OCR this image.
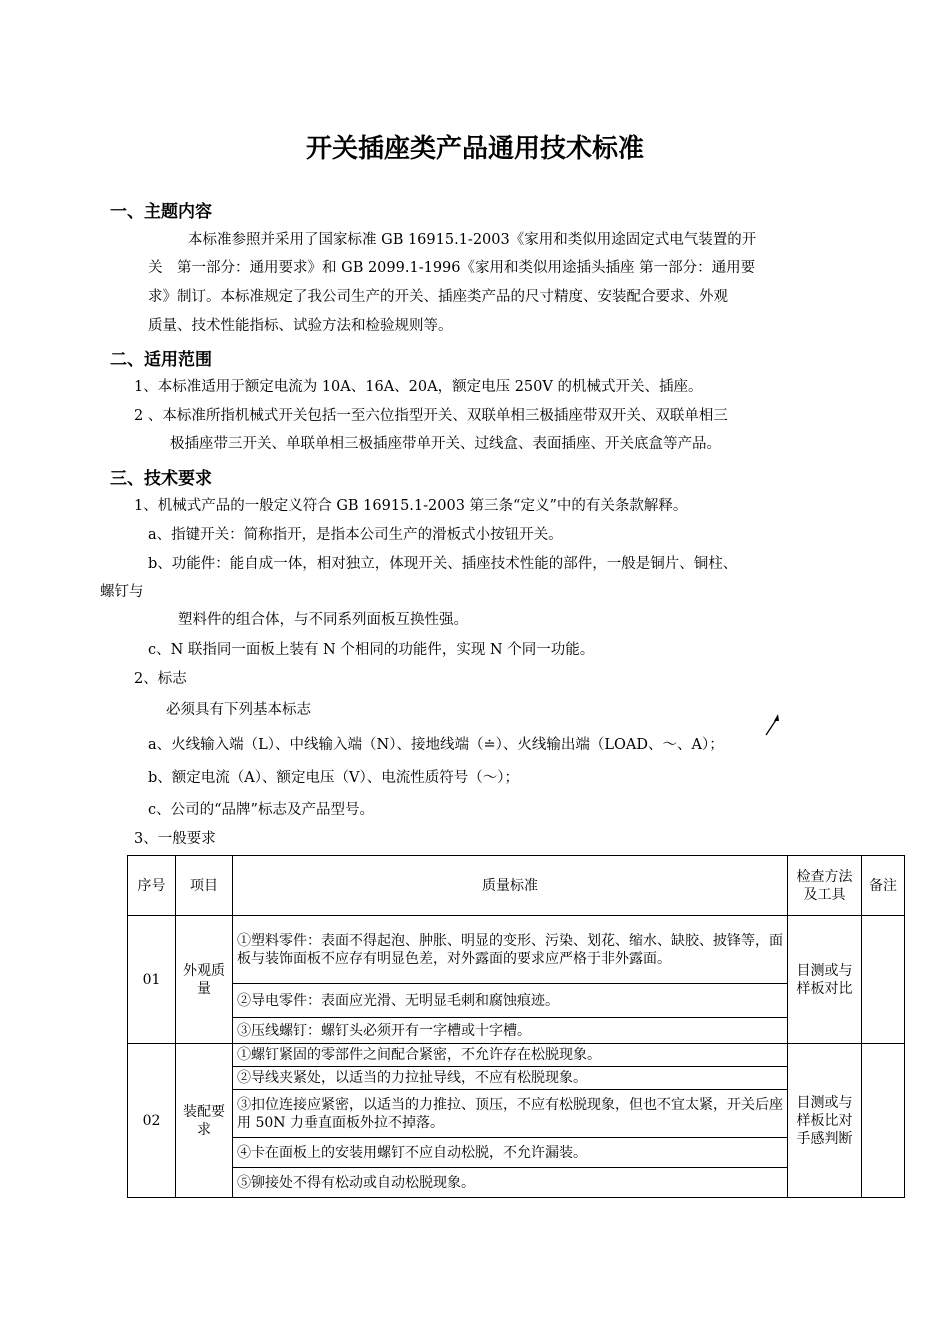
开关插座类产品通用技术标准
一、主题内容
本标准参照并采用了国家标准 GB 16915.1-2003《家用和类似用途固定式电气装置的开
关　第一部分：通用要求》和 GB 2099.1-1996《家用和类似用途插头插座 第一部分：通用要
求》制订。本标准规定了我公司生产的开关、插座类产品的尺寸精度、安装配合要求、外观
质量、技术性能指标、试验方法和检验规则等。
二、适用范围
1、本标准适用于额定电流为 10A、16A、20A，额定电压 250V 的机械式开关、插座。
2 、本标准所指机械式开关包括一至六位指型开关、双联单相三极插座带双开关、双联单相三
极插座带三开关、单联单相三极插座带单开关、过线盒、表面插座、开关底盒等产品。
三、技术要求
1、机械式产品的一般定义符合 GB 16915.1-2003 第三条“定义”中的有关条款解释。
a、指键开关：简称指开，是指本公司生产的滑板式小按钮开关。
b、功能件：能自成一体，相对独立，体现开关、插座技术性能的部件，一般是铜片、铜柱、
螺钉与
塑料件的组合体，与不同系列面板互换性强。
c、N 联指同一面板上装有 N 个相同的功能件，实现 N 个同一功能。
2、标志
必须具有下列基本标志
a、火线输入端（L）、中线输入端（N）、接地线端（≐）、火线输出端（LOAD、～、A）；
b、额定电流（A）、额定电压（V）、电流性质符号（～）；
c、公司的“品牌”标志及产品型号。
3、一般要求
序号	项目	质量标准	检查方法及工具	备注
01	外观质量	①塑料零件：表面不得起泡、肿胀、明显的变形、污染、划花、缩水、缺胶、披锋等，面板与装饰面板不应存有明显色差，对外露面的要求应严格于非外露面。	目测或与样板对比	
		②导电零件：表面应光滑、无明显毛刺和腐蚀痕迹。		
		③压线螺钉：螺钉头必须开有一字槽或十字槽。		
02	装配要求	①螺钉紧固的零部件之间配合紧密，不允许存在松脱现象。	目测或与样板比对手感判断	
		②导线夹紧处，以适当的力拉扯导线，不应有松脱现象。		
		③扣位连接应紧密，以适当的力推拉、顶压，不应有松脱现象，但也不宜太紧，开关后座用 50N 力垂直面板外拉不掉落。		
		④卡在面板上的安装用螺钉不应自动松脱，不允许漏装。		
		⑤铆接处不得有松动或自动松脱现象。		
